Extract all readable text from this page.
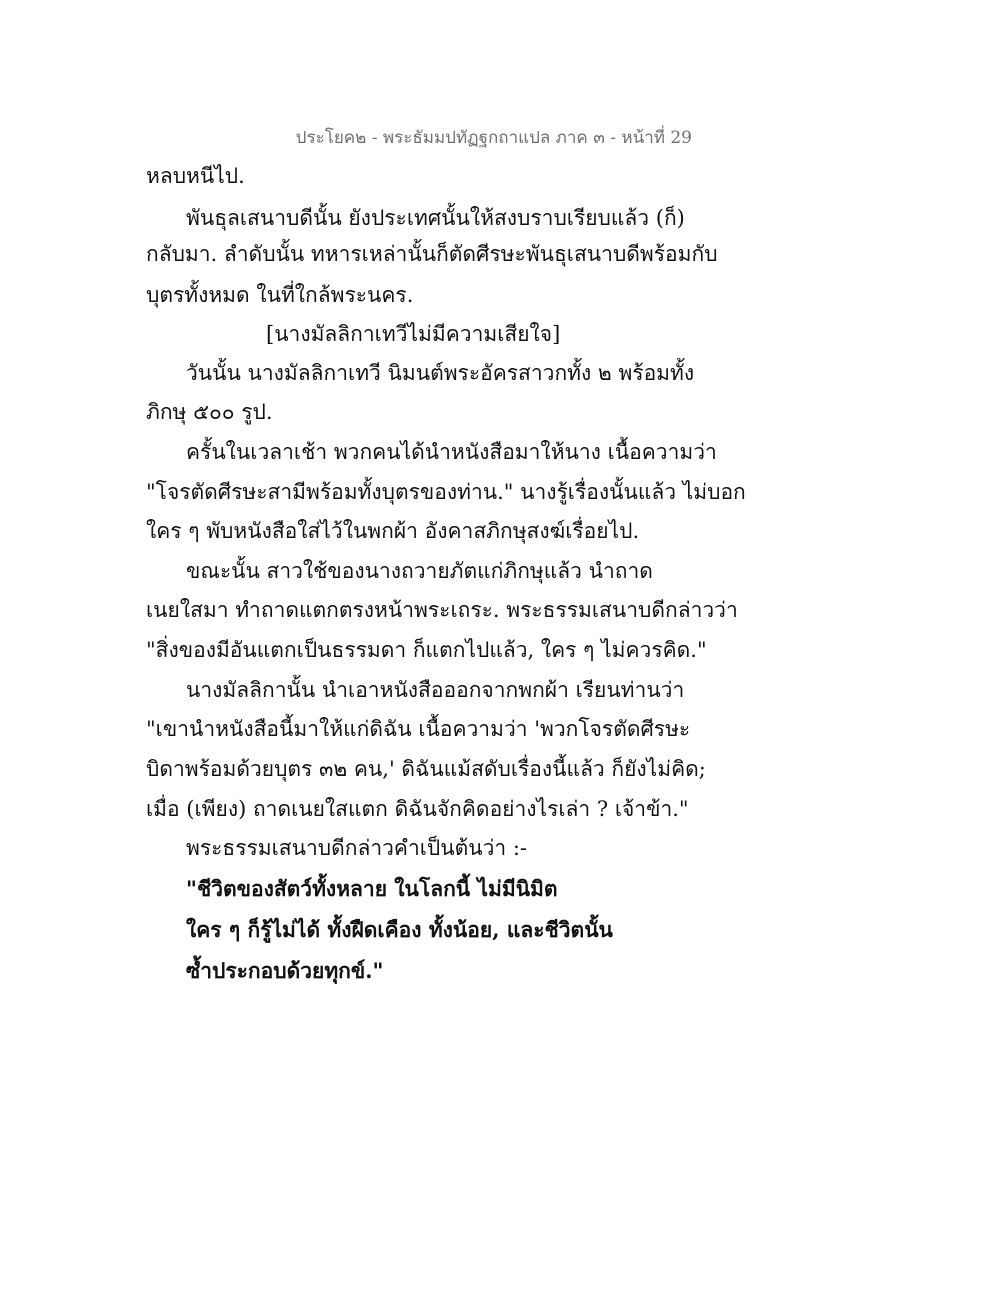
ประโยค๒ - พระธัมมปทัฏฐกถาแปล ภาค ๓ - หน้าที่ 29
หลบหนีไป.
พันธุลเสนาบดีนั้น ยังประเทศนั้นให้สงบราบเรียบแล้ว (ก็)
กลับมา. ลำดับนั้น ทหารเหล่านั้นก็ตัดศีรษะพันธุเสนาบดีพร้อมกับ
บุตรทั้งหมด ในที่ใกล้พระนคร.
[นางมัลลิกาเทวีไม่มีความเสียใจ]
วันนั้น นางมัลลิกาเทวี นิมนต์พระอัครสาวกทั้ง ๒ พร้อมทั้ง
ภิกษุ ๕๐๐ รูป.
ครั้นในเวลาเช้า พวกคนได้นำหนังสือมาให้นาง เนื้อความว่า
"โจรตัดศีรษะสามีพร้อมทั้งบุตรของท่าน." นางรู้เรื่องนั้นแล้ว ไม่บอก
ใคร ๆ พับหนังสือใส่ไว้ในพกผ้า อังคาสภิกษุสงฆ์เรื่อยไป.
ขณะนั้น สาวใช้ของนางถวายภัตแก่ภิกษุแล้ว นำถาด
เนยใสมา ทำถาดแตกตรงหน้าพระเถระ. พระธรรมเสนาบดีกล่าวว่า
"สิ่งของมีอันแตกเป็นธรรมดา ก็แตกไปแล้ว, ใคร ๆ ไม่ควรคิด."
นางมัลลิกานั้น นำเอาหนังสือออกจากพกผ้า เรียนท่านว่า
"เขานำหนังสือนี้มาให้แก่ดิฉัน เนื้อความว่า 'พวกโจรตัดศีรษะ
บิดาพร้อมด้วยบุตร ๓๒ คน,' ดิฉันแม้สดับเรื่องนี้แล้ว ก็ยังไม่คิด;
เมื่อ (เพียง) ถาดเนยใสแตก ดิฉันจักคิดอย่างไรเล่า ? เจ้าข้า."
พระธรรมเสนาบดีกล่าวคำเป็นต้นว่า :-
"ชีวิตของสัตว์ทั้งหลาย ในโลกนี้ ไม่มีนิมิต
ใคร ๆ ก็รู้ไม่ได้ ทั้งฝืดเคือง ทั้งน้อย, และชีวิตนั้น
ซ้ำประกอบด้วยทุกข์."
